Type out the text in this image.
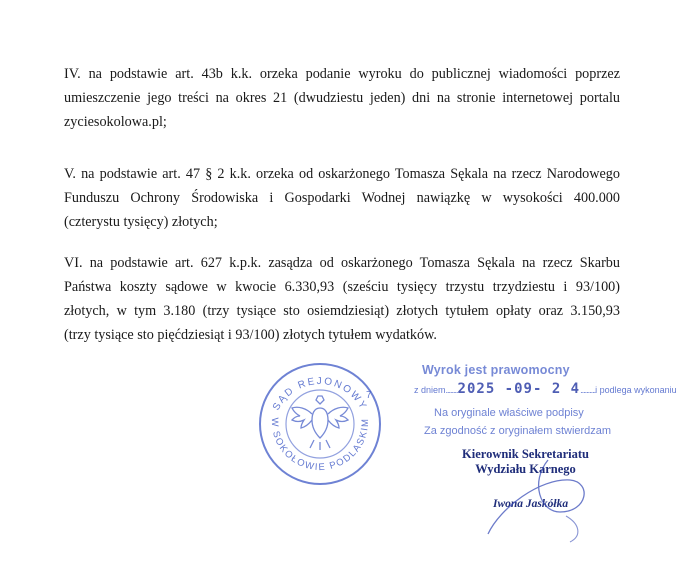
IV. na podstawie art. 43b k.k. orzeka podanie wyroku do publicznej wiadomości poprzez
umieszczenie jego treści na okres 21 (dwudziestu jeden) dni na stronie internetowej portalu
zyciesokolowa.pl;
V. na podstawie art. 47 § 2 k.k. orzeka od oskarżonego Tomasza Sękala na rzecz Narodowego
Funduszu Ochrony Środowiska i Gospodarki Wodnej nawiązkę w wysokości 400.000
(czterystu tysięcy) złotych;
VI. na podstawie art. 627 k.p.k. zasądza od oskarżonego Tomasza Sękala na rzecz Skarbu
Państwa koszty sądowe w kwocie 6.330,93 (sześciu tysięcy trzystu trzydziestu i 93/100)
złotych, w tym 3.180 (trzy tysiące sto osiemdziesiąt) złotych tytułem opłaty oraz 3.150,93
(trzy tysiące sto pięćdziesiąt i 93/100) złotych tytułem wydatków.
SĄD REJONOWY
W SOKOŁOWIE PODLASKIM
7
Wyrok jest prawomocny
z dniem........2025 -09- 2 4..........i podlega wykonaniu
Na oryginale właściwe podpisy
Za zgodność z oryginałem stwierdzam
Kierownik Sekretariatu
Wydziału Karnego
Iwona Jaskółka
